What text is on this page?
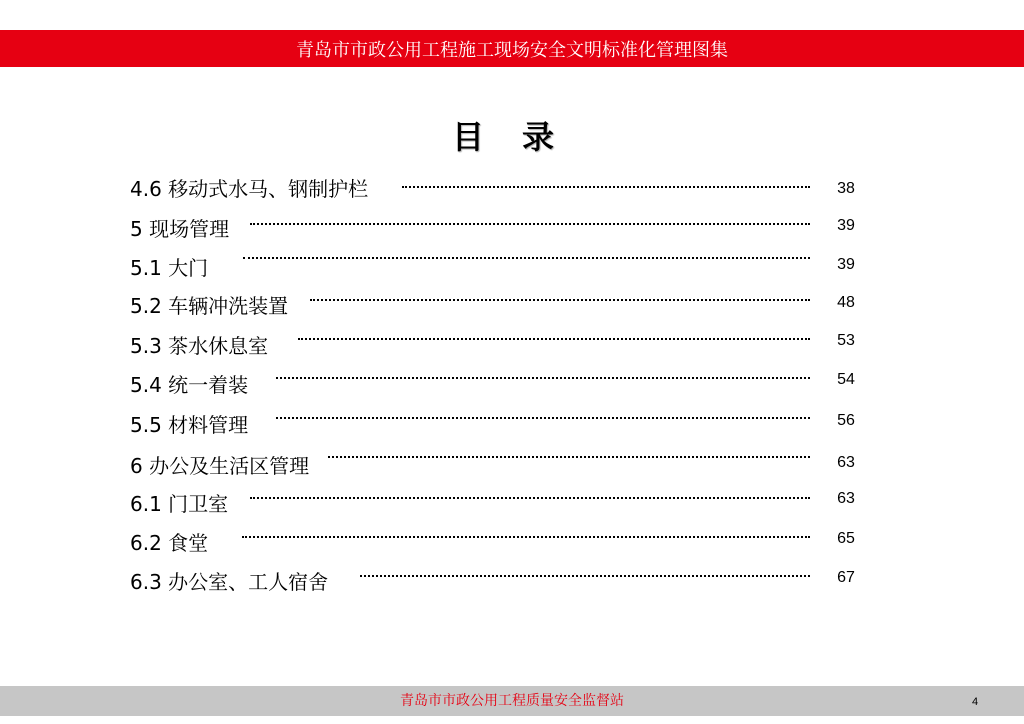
青岛市市政公用工程施工现场安全文明标准化管理图集
目录
4.6 移动式水马、钢制护栏	38
5 现场管理	39
5.1 大门	39
5.2 车辆冲洗装置	48
5.3 茶水休息室	53
5.4 统一着装	54
5.5 材料管理	56
6 办公及生活区管理	63
6.1 门卫室	63
6.2 食堂	65
6.3 办公室、工人宿舍	67
青岛市市政公用工程质量安全监督站	4
